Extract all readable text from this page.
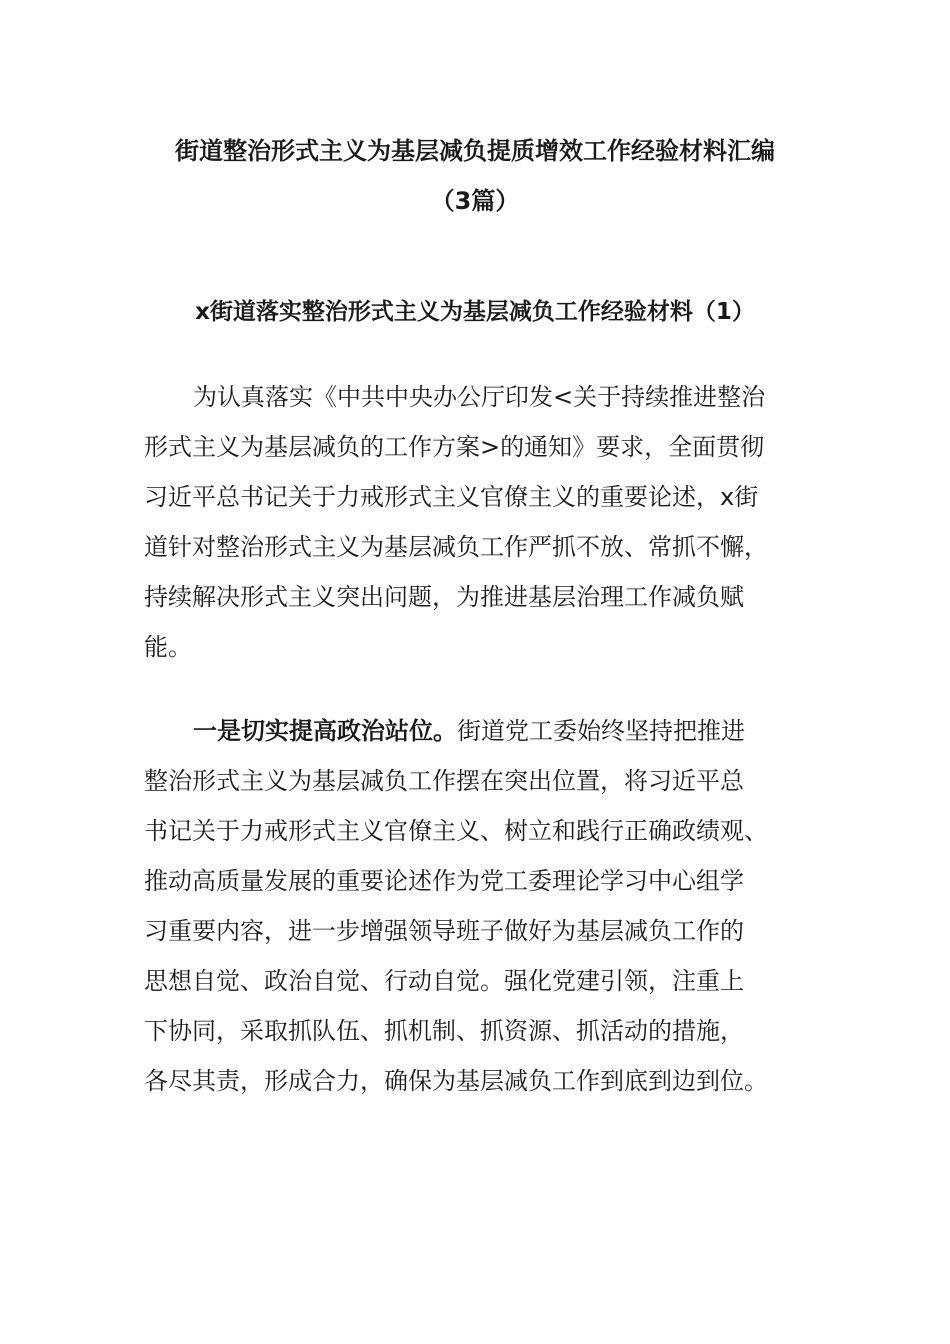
街道整治形式主义为基层减负提质增效工作经验材料汇编
（3篇）
x街道落实整治形式主义为基层减负工作经验材料（1）
为认真落实《中共中央办公厅印发<关于持续推进整治
形式主义为基层减负的工作方案>的通知》要求，全面贯彻
习近平总书记关于力戒形式主义官僚主义的重要论述，x街
道针对整治形式主义为基层减负工作严抓不放、常抓不懈，
持续解决形式主义突出问题，为推进基层治理工作减负赋
能。
一是切实提高政治站位。街道党工委始终坚持把推进
整治形式主义为基层减负工作摆在突出位置，将习近平总
书记关于力戒形式主义官僚主义、树立和践行正确政绩观、
推动高质量发展的重要论述作为党工委理论学习中心组学
习重要内容，进一步增强领导班子做好为基层减负工作的
思想自觉、政治自觉、行动自觉。强化党建引领，注重上
下协同，采取抓队伍、抓机制、抓资源、抓活动的措施，
各尽其责，形成合力，确保为基层减负工作到底到边到位。
